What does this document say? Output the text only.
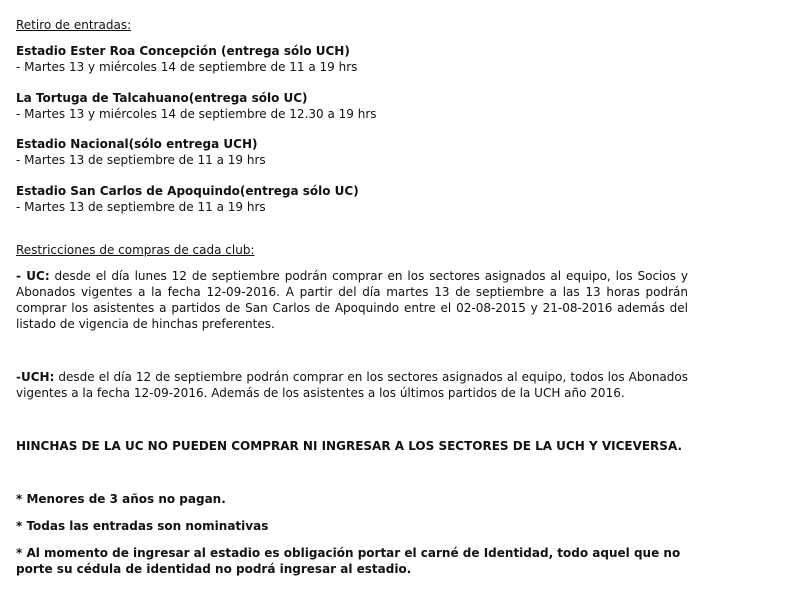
Retiro de entradas:
Estadio Ester Roa Concepción (entrega sólo UCH)
- Martes 13 y miércoles 14 de septiembre de 11 a 19 hrs
La Tortuga de Talcahuano(entrega sólo UC)
- Martes 13 y miércoles 14 de septiembre de 12.30 a 19 hrs
Estadio Nacional(sólo entrega UCH)
- Martes 13 de septiembre de 11 a 19 hrs
Estadio San Carlos de Apoquindo(entrega sólo UC)
- Martes 13 de septiembre de 11 a 19 hrs
Restricciones de compras de cada club:
- UC: desde el día lunes 12 de septiembre podrán comprar en los sectores asignados al equipo, los Socios y Abonados vigentes a la fecha 12-09-2016. A partir del día martes 13 de septiembre a las 13 horas podrán comprar los asistentes a partidos de San Carlos de Apoquindo entre el 02-08-2015 y 21-08-2016 además del listado de vigencia de hinchas preferentes.
-UCH: desde el día 12 de septiembre podrán comprar en los sectores asignados al equipo, todos los Abonados vigentes a la fecha 12-09-2016. Además de los asistentes a los últimos partidos de la UCH año 2016.
HINCHAS DE LA UC NO PUEDEN COMPRAR NI INGRESAR A LOS SECTORES DE LA UCH Y VICEVERSA.
* Menores de 3 años no pagan.
* Todas las entradas son nominativas
* Al momento de ingresar al estadio es obligación portar el carné de Identidad, todo aquel que no porte su cédula de identidad no podrá ingresar al estadio.
